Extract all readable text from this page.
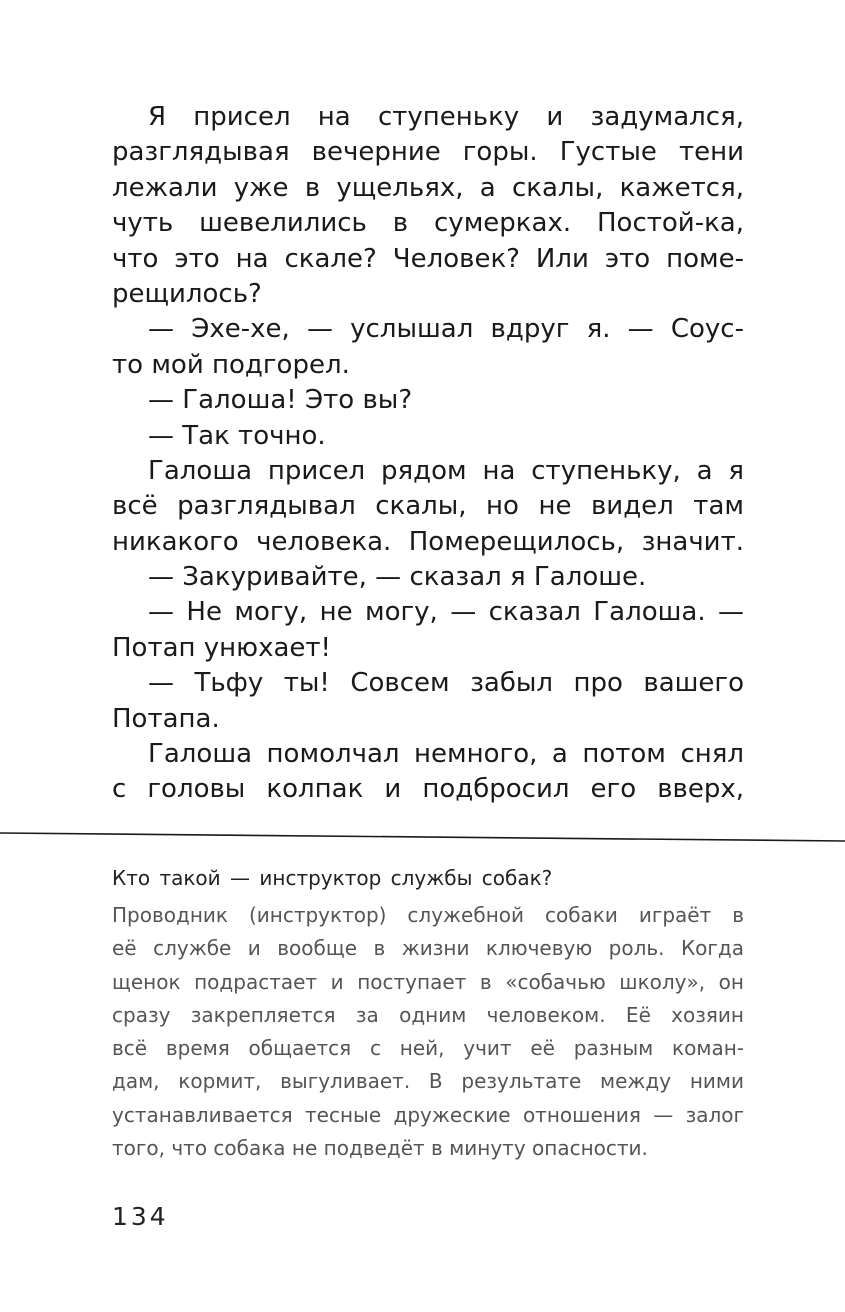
Я присел на ступеньку и задумался,
разглядывая вечерние горы. Густые тени
лежали уже в ущельях, а скалы, кажется,
чуть шевелились в сумерках. Постой-ка,
что это на скале? Человек? Или это поме-
рещилось?
— Эхе-хе, — услышал вдруг я. — Соус-
то мой подгорел.
— Галоша! Это вы?
— Так точно.
Галоша присел рядом на ступеньку, а я
всё разглядывал скалы, но не видел там
никакого человека. Померещилось, значит.
— Закуривайте, — сказал я Галоше.
— Не могу, не могу, — сказал Галоша. —
Потап унюхает!
— Тьфу ты! Совсем забыл про вашего
Потапа.
Галоша помолчал немного, а потом снял
с головы колпак и подбросил его вверх,
Кто такой — инструктор службы собак?
Проводник (инструктор) служебной собаки играёт в
её службе и вообще в жизни ключевую роль. Когда
щенок подрастает и поступает в «собачью школу», он
сразу закрепляется за одним человеком. Её хозяин
всё время общается с ней, учит её разным коман-
дам, кормит, выгуливает. В результате между ними
устанавливается тесные дружеские отношения — залог
того, что собака не подведёт в минуту опасности.
134
